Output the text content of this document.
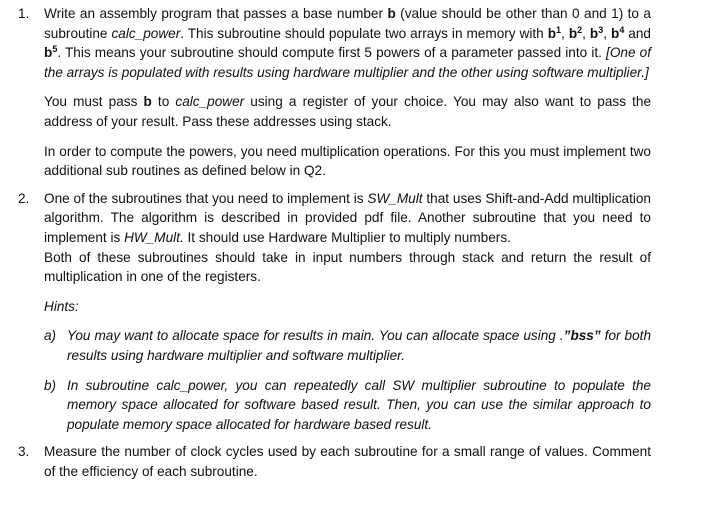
1. Write an assembly program that passes a base number b (value should be other than 0 and 1) to a subroutine calc_power. This subroutine should populate two arrays in memory with $b^1$, $b^2$, $b^3$, $b^4$ and $b^5$. This means your subroutine should compute first 5 powers of a parameter passed into it. [One of the arrays is populated with results using hardware multiplier and the other using software multiplier.]

You must pass b to calc_power using a register of your choice. You may also want to pass the address of your result. Pass these addresses using stack.

In order to compute the powers, you need multiplication operations. For this you must implement two additional sub routines as defined below in Q2.

2. One of the subroutines that you need to implement is SW_Mult that uses Shift-and-Add multiplication algorithm. The algorithm is described in provided pdf file. Another subroutine that you need to implement is HW_Mult. It should use Hardware Multiplier to multiply numbers.

Both of these subroutines should take in input numbers through stack and return the result of multiplication in one of the registers.

Hints:

a) You may want to allocate space for results in main. You can allocate space using .”bss” for both results using hardware multiplier and software multiplier.

b) In subroutine calc_power, you can repeatedly call SW multiplier subroutine to populate the memory space allocated for software based result. Then, you can use the similar approach to populate memory space allocated for hardware based result.

3. Measure the number of clock cycles used by each subroutine for a small range of values. Comment of the efficiency of each subroutine.
